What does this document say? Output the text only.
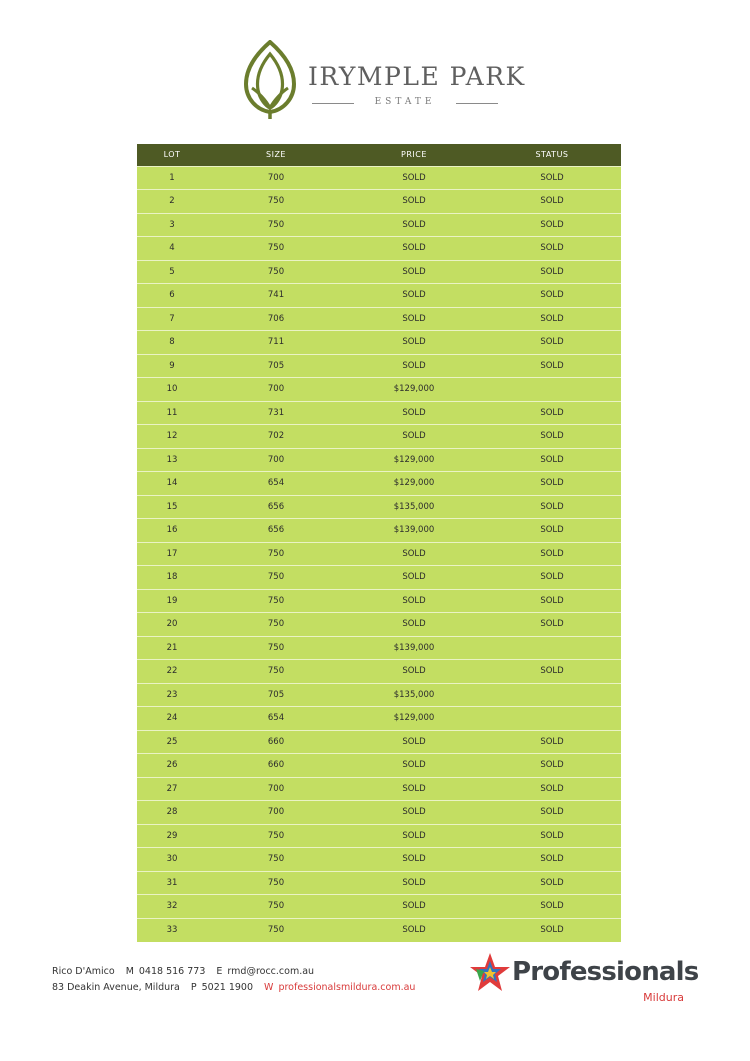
IRYMPLE PARK
ESTATE
LOT	SIZE	PRICE	STATUS
1	700	SOLD	SOLD
2	750	SOLD	SOLD
3	750	SOLD	SOLD
4	750	SOLD	SOLD
5	750	SOLD	SOLD
6	741	SOLD	SOLD
7	706	SOLD	SOLD
8	711	SOLD	SOLD
9	705	SOLD	SOLD
10	700	$129,000	
11	731	SOLD	SOLD
12	702	SOLD	SOLD
13	700	$129,000	SOLD
14	654	$129,000	SOLD
15	656	$135,000	SOLD
16	656	$139,000	SOLD
17	750	SOLD	SOLD
18	750	SOLD	SOLD
19	750	SOLD	SOLD
20	750	SOLD	SOLD
21	750	$139,000	
22	750	SOLD	SOLD
23	705	$135,000	
24	654	$129,000	
25	660	SOLD	SOLD
26	660	SOLD	SOLD
27	700	SOLD	SOLD
28	700	SOLD	SOLD
29	750	SOLD	SOLD
30	750	SOLD	SOLD
31	750	SOLD	SOLD
32	750	SOLD	SOLD
33	750	SOLD	SOLD
Rico D'Amico M 0418 516 773 E rmd@rocc.com.au
83 Deakin Avenue, Mildura P 5021 1900 W professionalsmildura.com.au
Professionals
Mildura
